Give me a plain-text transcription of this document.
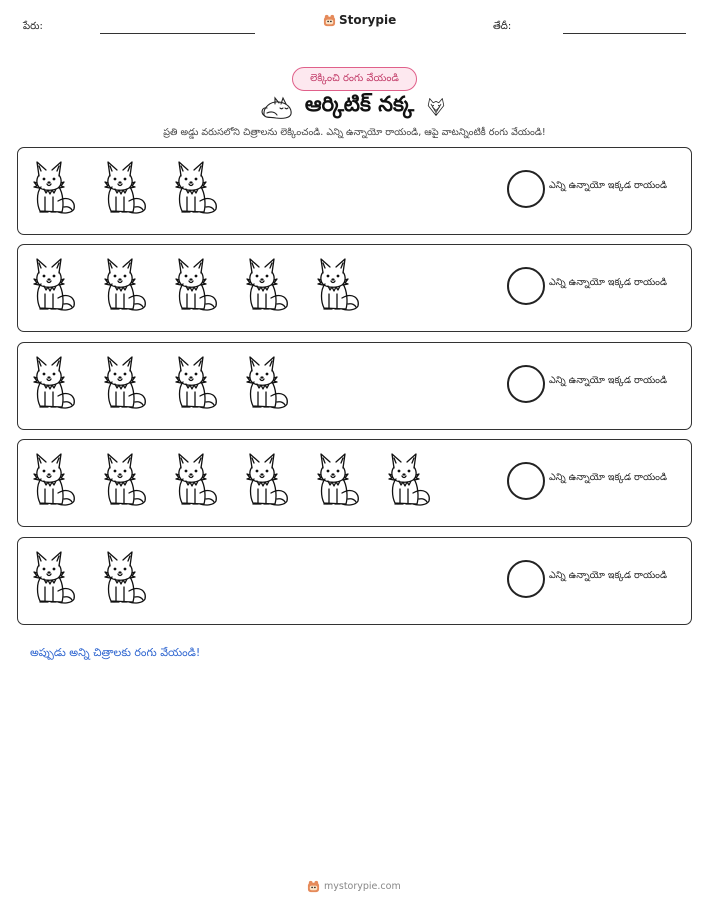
పేరు:	Storypie	తేదీ:
లెక్కించి రంగు వేయండి
ఆర్కిటిక్ నక్క
ప్రతి అడ్డు వరుసలోని చిత్రాలను లెక్కించండి. ఎన్ని ఉన్నాయో రాయండి, ఆపై వాటన్నింటికీ రంగు వేయండి!
ఎన్ని ఉన్నాయో ఇక్కడ రాయండి
ఎన్ని ఉన్నాయో ఇక్కడ రాయండి
ఎన్ని ఉన్నాయో ఇక్కడ రాయండి
ఎన్ని ఉన్నాయో ఇక్కడ రాయండి
ఎన్ని ఉన్నాయో ఇక్కడ రాయండి
అప్పుడు అన్ని చిత్రాలకు రంగు వేయండి!
mystorypie.com
